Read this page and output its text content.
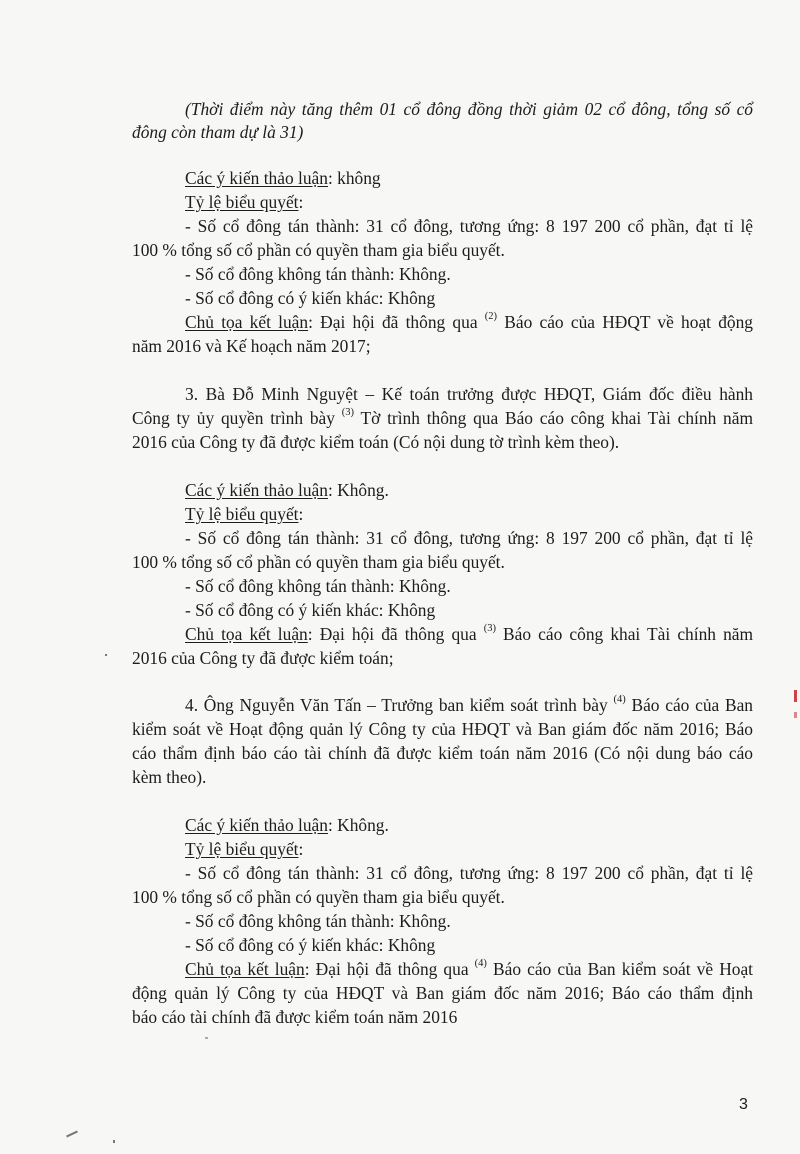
(Thời điểm này tăng thêm 01 cổ đông đồng thời giảm 02 cổ đông, tổng số cổ
đông còn tham dự là 31)
Các ý kiến thảo luận: không
Tỷ lệ biểu quyết:
- Số cổ đông tán thành: 31 cổ đông, tương ứng: 8 197 200 cổ phần, đạt tỉ lệ
100 % tổng số cổ phần có quyền tham gia biểu quyết.
- Số cổ đông không tán thành: Không.
- Số cổ đông có ý kiến khác: Không
Chủ tọa kết luận: Đại hội đã thông qua $^{(2)}$ Báo cáo của HĐQT về hoạt động
năm 2016 và Kế hoạch năm 2017;
3. Bà Đỗ Minh Nguyệt – Kế toán trưởng được HĐQT, Giám đốc điều hành
Công ty ủy quyền trình bày $^{(3)}$ Tờ trình thông qua Báo cáo công khai Tài chính năm
2016 của Công ty đã được kiểm toán (Có nội dung tờ trình kèm theo).
Các ý kiến thảo luận: Không.
Tỷ lệ biểu quyết:
- Số cổ đông tán thành: 31 cổ đông, tương ứng: 8 197 200 cổ phần, đạt tỉ lệ
100 % tổng số cổ phần có quyền tham gia biểu quyết.
- Số cổ đông không tán thành: Không.
- Số cổ đông có ý kiến khác: Không
Chủ tọa kết luận: Đại hội đã thông qua $^{(3)}$ Báo cáo công khai Tài chính năm
2016 của Công ty đã được kiểm toán;
4. Ông Nguyễn Văn Tấn – Trưởng ban kiểm soát trình bày $^{(4)}$ Báo cáo của Ban
kiểm soát về Hoạt động quản lý Công ty của HĐQT và Ban giám đốc năm 2016; Báo
cáo thẩm định báo cáo tài chính đã được kiểm toán năm 2016 (Có nội dung báo cáo
kèm theo).
Các ý kiến thảo luận: Không.
Tỷ lệ biểu quyết:
- Số cổ đông tán thành: 31 cổ đông, tương ứng: 8 197 200 cổ phần, đạt tỉ lệ
100 % tổng số cổ phần có quyền tham gia biểu quyết.
- Số cổ đông không tán thành: Không.
- Số cổ đông có ý kiến khác: Không
Chủ tọa kết luận: Đại hội đã thông qua $^{(4)}$ Báo cáo của Ban kiểm soát về Hoạt
động quản lý Công ty của HĐQT và Ban giám đốc năm 2016; Báo cáo thẩm định
báo cáo tài chính đã được kiểm toán năm 2016
3
